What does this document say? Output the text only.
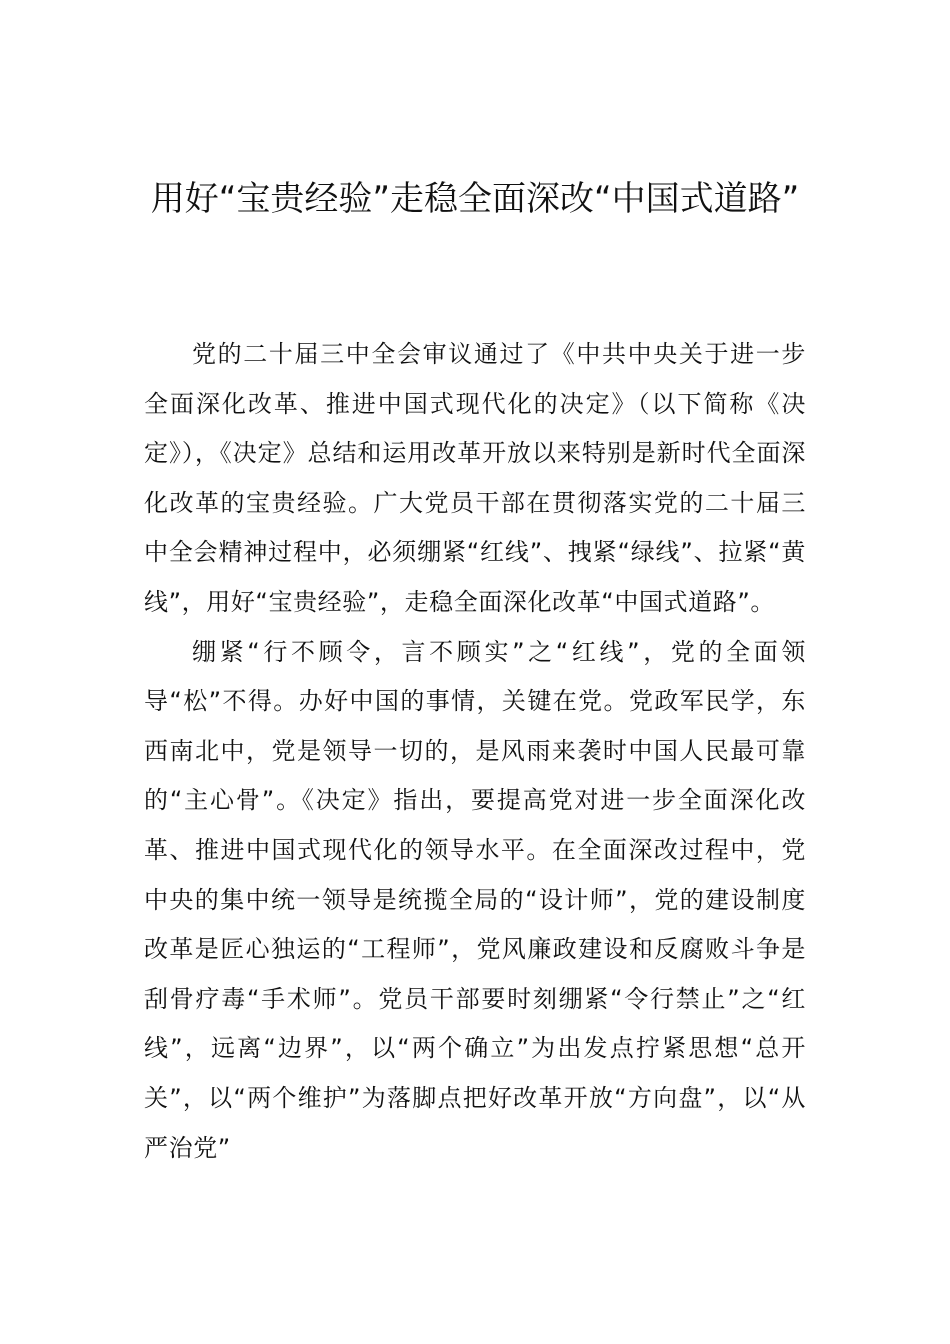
用好“宝贵经验”走稳全面深改“中国式道路”

党的二十届三中全会审议通过了《中共中央关于进一步全面深化改革、推进中国式现代化的决定》（以下简称《决定》），《决定》总结和运用改革开放以来特别是新时代全面深化改革的宝贵经验。广大党员干部在贯彻落实党的二十届三中全会精神过程中，必须绷紧“红线”、拽紧“绿线”、拉紧“黄线”，用好“宝贵经验”，走稳全面深化改革“中国式道路”。

绷紧“行不顾令，言不顾实”之“红线”，党的全面领导“松”不得。办好中国的事情，关键在党。党政军民学，东西南北中，党是领导一切的，是风雨来袭时中国人民最可靠的“主心骨”。《决定》指出，要提高党对进一步全面深化改革、推进中国式现代化的领导水平。在全面深改过程中，党中央的集中统一领导是统揽全局的“设计师”，党的建设制度改革是匠心独运的“工程师”，党风廉政建设和反腐败斗争是刮骨疗毒“手术师”。党员干部要时刻绷紧“令行禁止”之“红线”，远离“边界”，以“两个确立”为出发点拧紧思想“总开关”，以“两个维护”为落脚点把好改革开放“方向盘”，以“从严治党”
